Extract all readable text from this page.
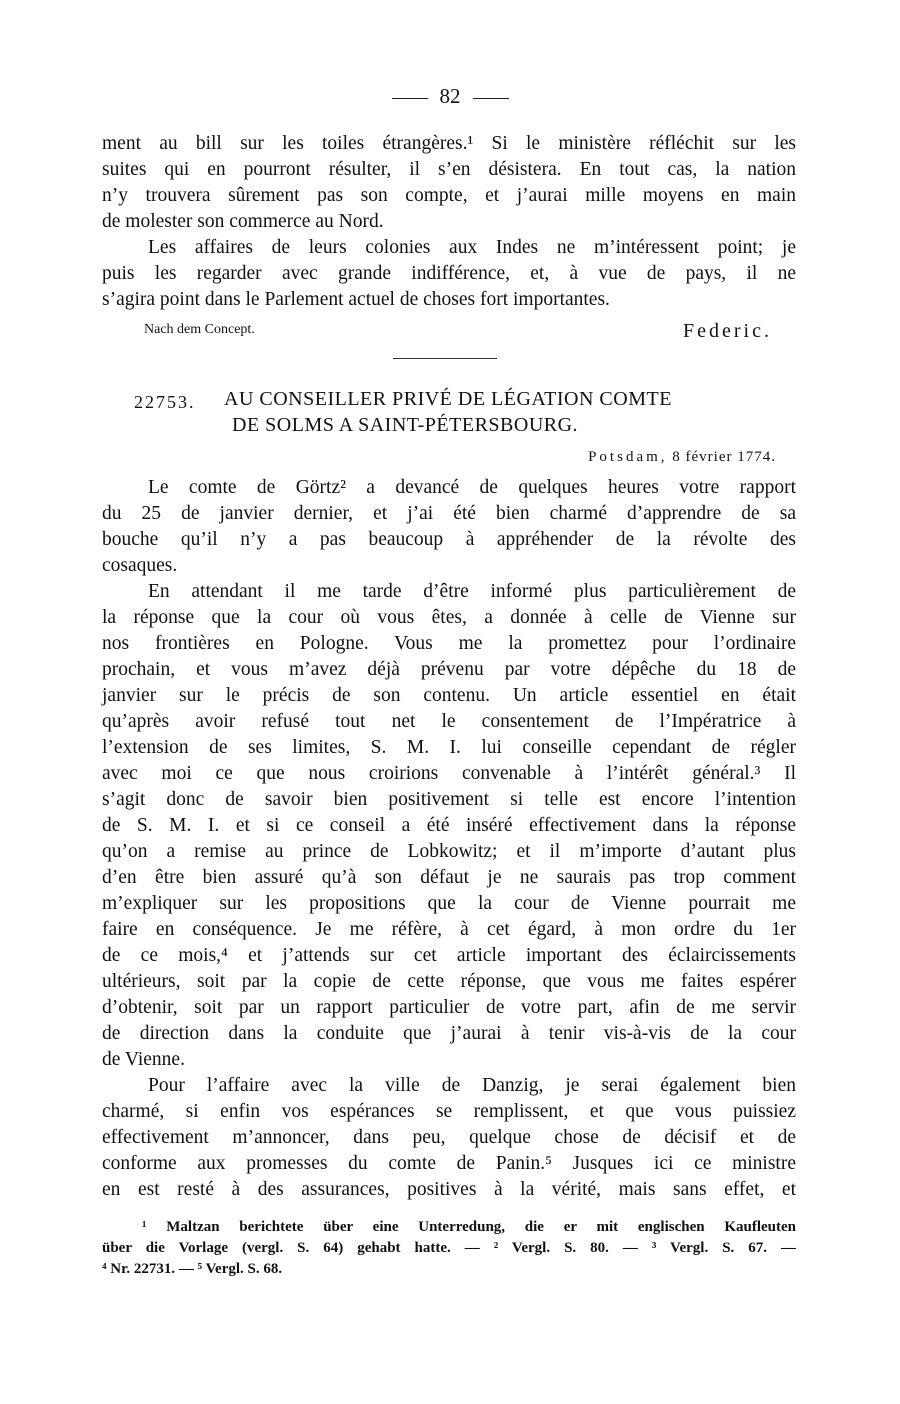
82
ment au bill sur les toiles étrangères.¹ Si le ministère réfléchit sur les
suites qui en pourront résulter, il s’en désistera. En tout cas, la nation
n’y trouvera sûrement pas son compte, et j’aurai mille moyens en main
de molester son commerce au Nord.
Les affaires de leurs colonies aux Indes ne m’intéressent point; je
puis les regarder avec grande indifférence, et, à vue de pays, il ne
s’agira point dans le Parlement actuel de choses fort importantes.
Nach dem Concept.	Federic.
22753. AU CONSEILLER PRIVÉ DE LÉGATION COMTE
DE SOLMS A SAINT-PÉTERSBOURG.
Potsdam, 8 février 1774.
Le comte de Görtz² a devancé de quelques heures votre rapport
du 25 de janvier dernier, et j’ai été bien charmé d’apprendre de sa
bouche qu’il n’y a pas beaucoup à appréhender de la révolte des
cosaques.
En attendant il me tarde d’être informé plus particulièrement de
la réponse que la cour où vous êtes, a donnée à celle de Vienne sur
nos frontières en Pologne. Vous me la promettez pour l’ordinaire
prochain, et vous m’avez déjà prévenu par votre dépêche du 18 de
janvier sur le précis de son contenu. Un article essentiel en était
qu’après avoir refusé tout net le consentement de l’Impératrice à
l’extension de ses limites, S. M. I. lui conseille cependant de régler
avec moi ce que nous croirions convenable à l’intérêt général.³ Il
s’agit donc de savoir bien positivement si telle est encore l’intention
de S. M. I. et si ce conseil a été inséré effectivement dans la réponse
qu’on a remise au prince de Lobkowitz; et il m’importe d’autant plus
d’en être bien assuré qu’à son défaut je ne saurais pas trop comment
m’expliquer sur les propositions que la cour de Vienne pourrait me
faire en conséquence. Je me réfère, à cet égard, à mon ordre du 1er
de ce mois,⁴ et j’attends sur cet article important des éclaircissements
ultérieurs, soit par la copie de cette réponse, que vous me faites espérer
d’obtenir, soit par un rapport particulier de votre part, afin de me servir
de direction dans la conduite que j’aurai à tenir vis-à-vis de la cour
de Vienne.
Pour l’affaire avec la ville de Danzig, je serai également bien
charmé, si enfin vos espérances se remplissent, et que vous puissiez
effectivement m’annoncer, dans peu, quelque chose de décisif et de
conforme aux promesses du comte de Panin.⁵ Jusques ici ce ministre
en est resté à des assurances, positives à la vérité, mais sans effet, et
¹ Maltzan berichtete über eine Unterredung, die er mit englischen Kaufleuten
über die Vorlage (vergl. S. 64) gehabt hatte. — ² Vergl. S. 80. — ³ Vergl. S. 67. —
⁴ Nr. 22731. — ⁵ Vergl. S. 68.
